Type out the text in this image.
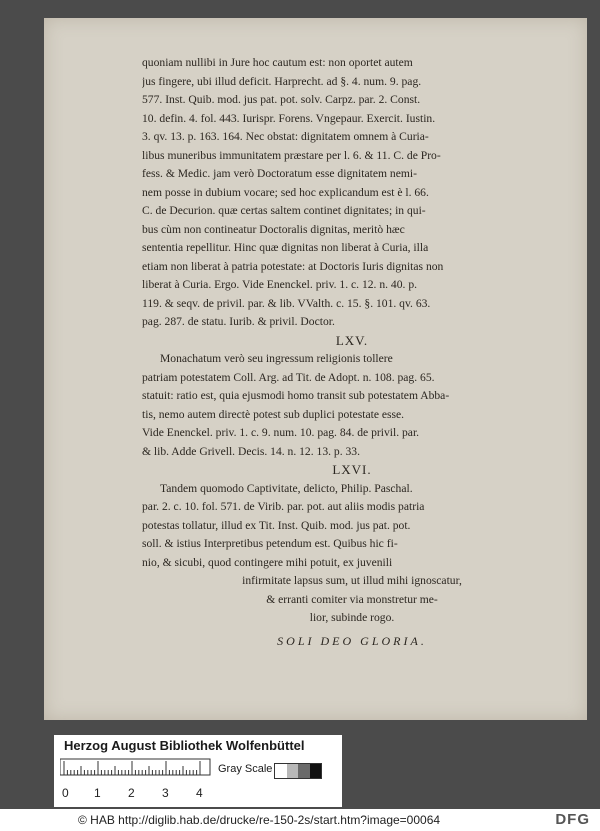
quoniam nullibi in Jure hoc cautum est: non oportet autem
jus fingere, ubi illud deficit. Harprecht. ad §. 4. num. 9. pag.
577. Inst. Quib. mod. jus pat. pot. solv. Carpz. par. 2. Const.
10. defin. 4. fol. 443. Iurispr. Forens. Vngepaur. Exercit. Iustin.
3. qv. 13. p. 163. 164. Nec obstat: dignitatem omnem à Curia-
libus muneribus immunitatem præstare per l. 6. & 11. C. de Pro-
fess. & Medic. jam verò Doctoratum esse dignitatem nemi-
nem posse in dubium vocare; sed hoc explicandum est è l. 66.
C. de Decurion. quæ certas saltem continet dignitates; in qui-
bus cùm non contineatur Doctoralis dignitas, meritò hæc
sententia repellitur. Hinc quæ dignitas non liberat à Curia, illa
etiam non liberat à patria potestate: at Doctoris Iuris dignitas non
liberat à Curia. Ergo. Vide Enenckel. priv. 1. c. 12. n. 40. p.
119. & seqv. de privil. par. & lib. VValth. c. 15. §. 101. qv. 63.
pag. 287. de statu. Iurib. & privil. Doctor.
LXV.
Monachatum verò seu ingressum religionis tollere
patriam potestatem Coll. Arg. ad Tit. de Adopt. n. 108. pag. 65.
statuit: ratio est, quia ejusmodi homo transit sub potestatem Abba-
tis, nemo autem directè potest sub duplici potestate esse.
Vide Enenckel. priv. 1. c. 9. num. 10. pag. 84. de privil. par.
& lib. Adde Grivell. Decis. 14. n. 12. 13. p. 33.
LXVI.
Tandem quomodo Captivitate, delicto, Philip. Paschal.
par. 2. c. 10. fol. 571. de Virib. par. pot. aut aliis modis patria
potestas tollatur, illud ex Tit. Inst. Quib. mod. jus pat. pot.
soll. & istius Interpretibus petendum est. Quibus hic fi-
nio, & sicubi, quod contingere mihi potuit, ex juvenili
infirmitate lapsus sum, ut illud mihi ignoscatur,
& erranti comiter via monstretur me-
lior, subinde rogo.
SOLI DEO GLORIA.
Herzog August Bibliothek Wolfenbüttel
0 1 2 3 4
Gray Scale
© HAB http://diglib.hab.de/drucke/re-150-2s/start.htm?image=00064	DFG
